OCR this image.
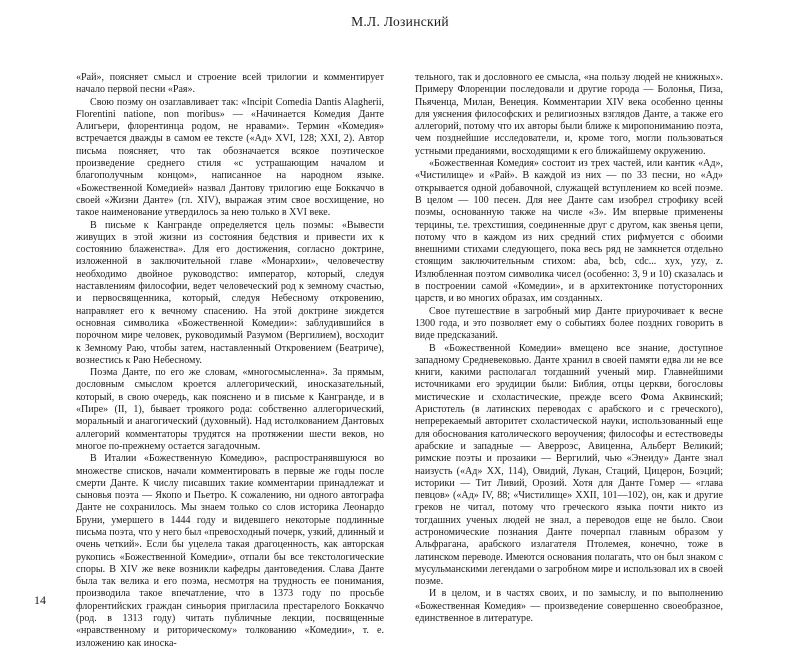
М.Л. Лозинский

«Рай», поясняет смысл и строение всей трилогии и комментирует начало первой песни «Рая».

Свою поэму он озаглавливает так: «Incipit Comedia Dantis Alagherii, Florentini natione, non moribus» — «Начинается Комедия Данте Алигьери, флорентинца родом, не нравами». Термин «Комедия» встречается дважды в самом ее тексте («Ад» XVI, 128; XXI, 2). Автор письма поясняет, что так обозначается всякое поэтическое произведение среднего стиля «с устрашающим началом и благополучным концом», написанное на народном языке. «Божественной Комедией» назвал Дантову трилогию еще Боккаччо в своей «Жизни Данте» (гл. XIV), выражая этим свое восхищение, но такое наименование утвердилось за нею только в XVI веке.

В письме к Кангранде определяется цель поэмы: «Вывести живущих в этой жизни из состояния бедствия и привести их к состоянию блаженства». Для его достижения, согласно доктрине, изложенной в заключительной главе «Монархии», человечеству необходимо двойное руководство: император, который, следуя наставлениям философии, ведет человеческий род к земному счастью, и первосвященника, который, следуя Небесному откровению, направляет его к вечному спасению. На этой доктрине зиждется основная символика «Божественной Комедии»: заблудившийся в порочном мире человек, руководимый Разумом (Вергилием), восходит к Земному Раю, чтобы затем, наставленный Откровением (Беатриче), вознестись к Раю Небесному.

Поэма Данте, по его же словам, «многосмысленна». За прямым, дословным смыслом кроется аллегорический, иносказательный, который, в свою очередь, как пояснено и в письме к Кангранде, и в «Пире» (II, 1), бывает троякого рода: собственно аллегорический, моральный и анагогический (духовный). Над истолкованием Дантовых аллегорий комментаторы трудятся на протяжении шести веков, но многое по-прежнему остается загадочным.

В Италии «Божественную Комедию», распространявшуюся во множестве списков, начали комментировать в первые же годы после смерти Данте. К числу писавших такие комментарии принадлежат и сыновья поэта — Якопо и Пьетро. К сожалению, ни одного автографа Данте не сохранилось. Мы знаем только со слов историка Леонардо Бруни, умершего в 1444 году и видевшего некоторые подлинные письма поэта, что у него был «превосходный почерк, узкий, длинный и очень четкий». Если бы уцелела такая драгоценность, как авторская рукопись «Божественной Комедии», отпали бы все текстологические споры. В XIV же веке возникли кафедры дантоведения. Слава Данте была так велика и его поэма, несмотря на трудность ее понимания, производила такое впечатление, что в 1373 году по просьбе флорентийских граждан синьория пригласила престарелого Боккаччо (род. в 1313 году) читать публичные лекции, посвященные «нравственному и риторическому» толкованию «Комедии», т. е. изложению как иноска-

тельного, так и дословного ее смысла, «на пользу людей не книжных». Примеру Флоренции последовали и другие города — Болонья, Пиза, Пьяченца, Милан, Венеция. Комментарии XIV века особенно ценны для уяснения философских и религиозных взглядов Данте, а также его аллегорий, потому что их авторы были ближе к миропониманию поэта, чем позднейшие исследователи, и, кроме того, могли пользоваться устными преданиями, восходящими к его ближайшему окружению.

«Божественная Комедия» состоит из трех частей, или кантик «Ад», «Чистилище» и «Рай». В каждой из них — по 33 песни, но «Ад» открывается одной добавочной, служащей вступлением ко всей поэме. В целом — 100 песен. Для нее Данте сам изобрел строфику всей поэмы, основанную также на числе «3». Им впервые применены терцины, т.е. трехстишия, соединенные друг с другом, как звенья цепи, потому что в каждом из них средний стих рифмуется с обоими внешними стихами следующего, пока весь ряд не замкнется отдельно стоящим заключительным стихом: aba, bcb, cdc... xyx, yzy, z. Излюбленная поэтом символика чисел (особенно: 3, 9 и 10) сказалась и в построении самой «Комедии», и в архитектонике потусторонних царств, и во многих образах, им созданных.

Свое путешествие в загробный мир Данте приурочивает к весне 1300 года, и это позволяет ему о событиях более поздних говорить в виде предсказаний.

В «Божественной Комедии» вмещено все знание, доступное западному Средневековью. Данте хранил в своей памяти едва ли не все книги, какими располагал тогдашний ученый мир. Главнейшими источниками его эрудиции были: Библия, отцы церкви, богословы мистические и схоластические, прежде всего Фома Аквинский; Аристотель (в латинских переводах с арабского и с греческого), непререкаемый авторитет схоластической науки, использованный еще для обоснования католического вероучения; философы и естествоведы арабские и западные — Аверроэс, Авиценна, Альберт Великий; римские поэты и прозаики — Вергилий, чью «Энеиду» Данте знал наизусть («Ад» XX, 114), Овидий, Лукан, Стаций, Цицерон, Боэций; историки — Тит Ливий, Орозий. Хотя для Данте Гомер — «глава певцов» («Ад» IV, 88; «Чистилище» XXII, 101—102), он, как и другие греков не читал, потому что греческого языка почти никто из тогдашних ученых людей не знал, а переводов еще не было. Свои астрономические познания Данте почерпал главным образом у Альфрагана, арабского излагателя Птолемея, конечно, тоже в латинском переводе. Имеются основания полагать, что он был знаком с мусульманскими легендами о загробном мире и использовал их в своей поэме.

И в целом, и в частях своих, и по замыслу, и по выполнению «Божественная Комедия» — произведение совершенно своеобразное, единственное в литературе.

14
